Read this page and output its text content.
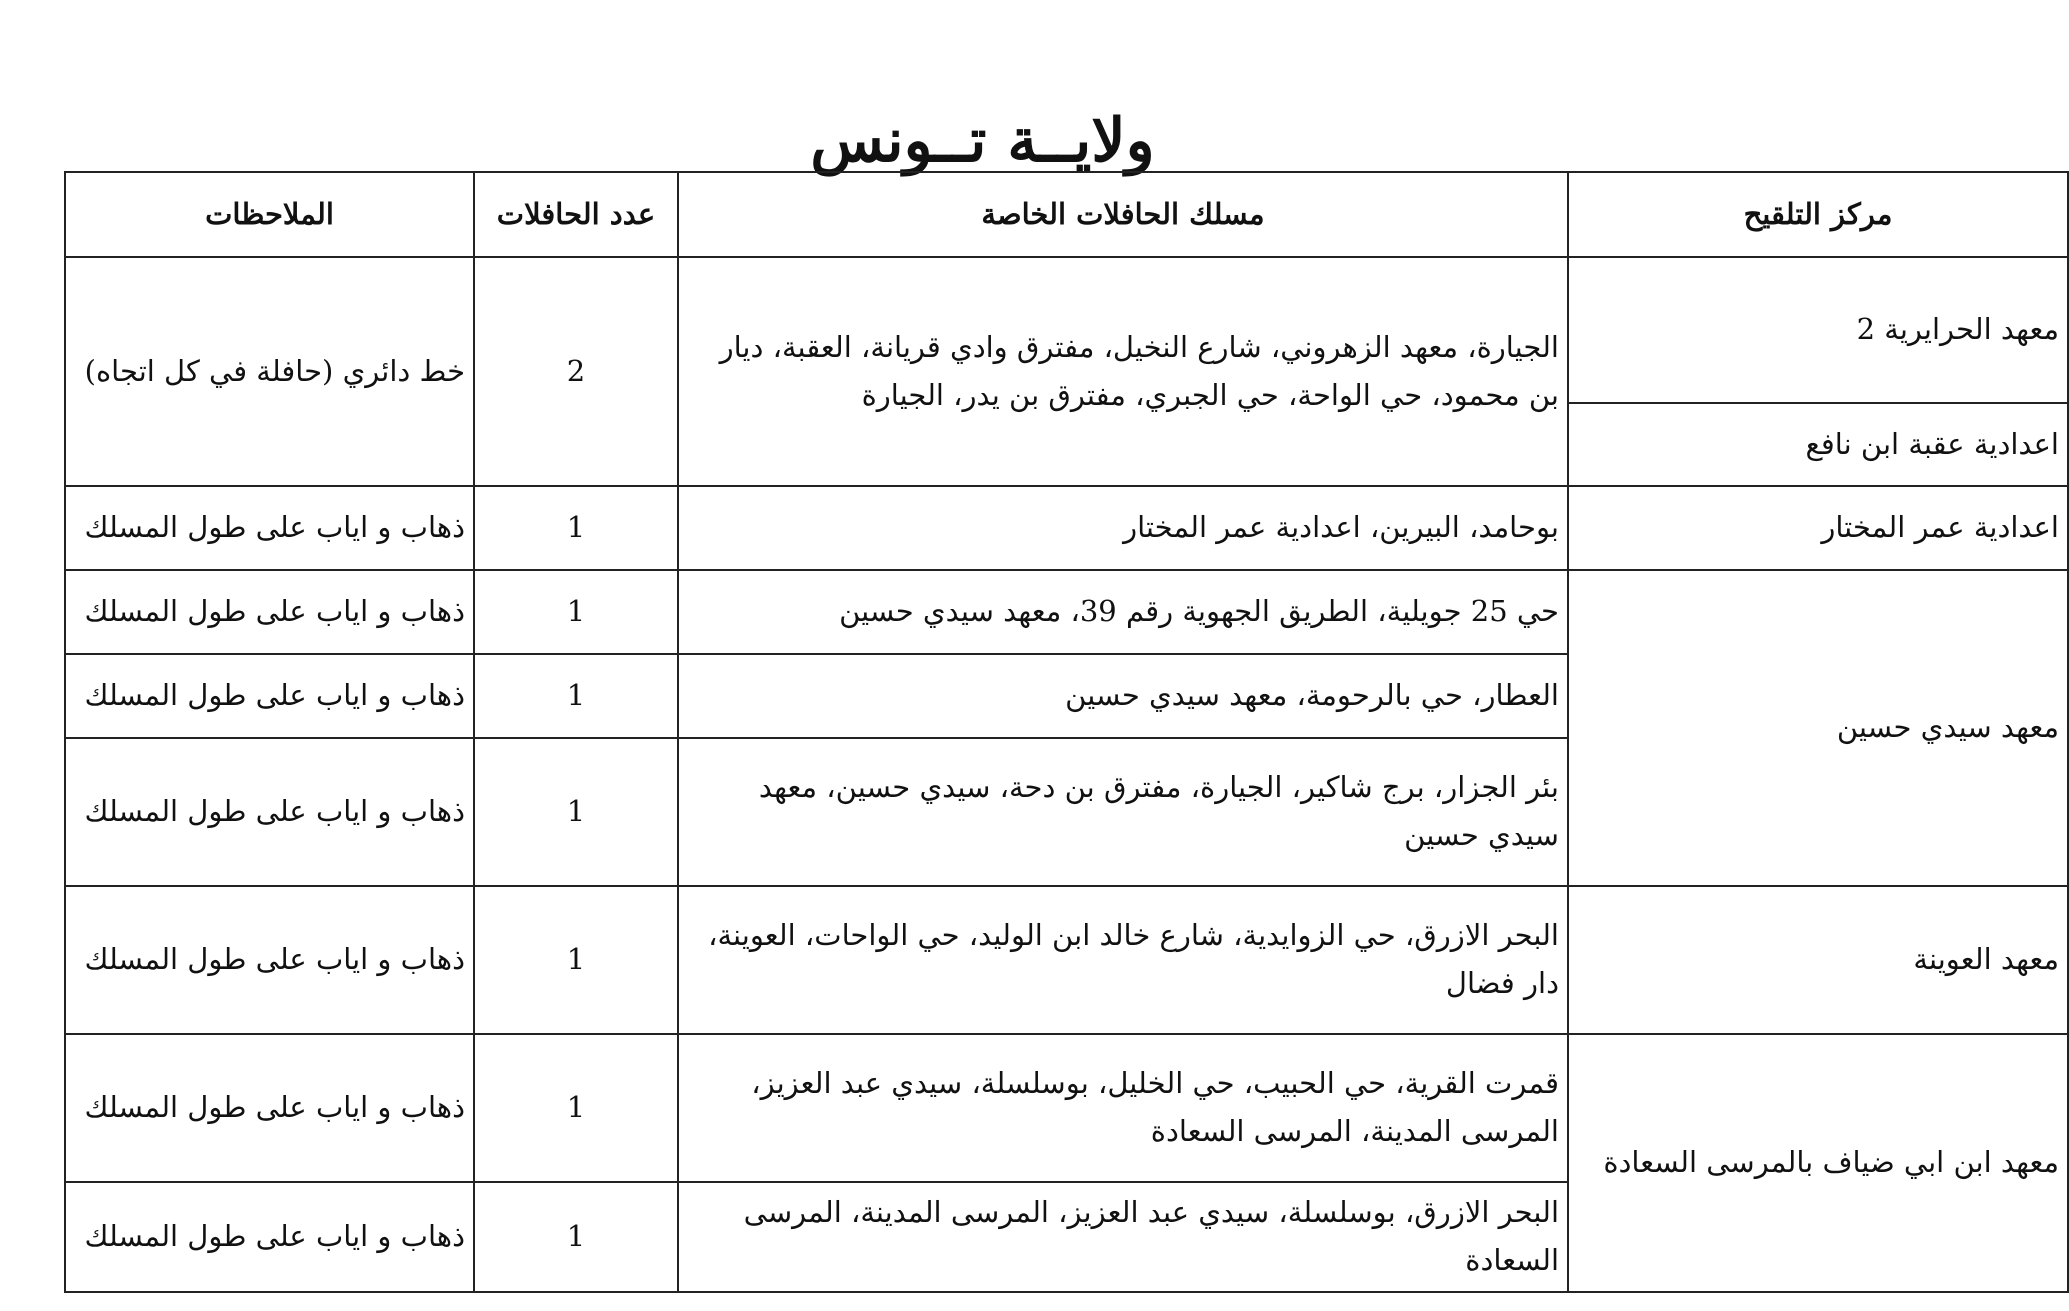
ولايــة تــونس
مركز التلقيح	مسلك الحافلات الخاصة	عدد الحافلات	الملاحظات
معهد الحرايرية 2	الجيارة، معهد الزهروني، شارع النخيل، مفترق وادي قريانة، العقبة، ديار بن محمود، حي الواحة، حي الجبري، مفترق بن يدر، الجيارة	2	خط دائري (حافلة في كل اتجاه)
اعدادية عقبة ابن نافع			
اعدادية عمر المختار	بوحامد، البيرين، اعدادية عمر المختار	1	ذهاب و اياب على طول المسلك
معهد سيدي حسين	حي 25 جويلية، الطريق الجهوية رقم 39، معهد سيدي حسين	1	ذهاب و اياب على طول المسلك
	العطار، حي بالرحومة، معهد سيدي حسين	1	ذهاب و اياب على طول المسلك
	بئر الجزار، برج شاكير، الجيارة، مفترق بن دحة، سيدي حسين، معهد سيدي حسين	1	ذهاب و اياب على طول المسلك
معهد العوينة	البحر الازرق، حي الزوايدية، شارع خالد ابن الوليد، حي الواحات، العوينة، دار فضال	1	ذهاب و اياب على طول المسلك
معهد ابن ابي ضياف بالمرسى السعادة	قمرت القرية، حي الحبيب، حي الخليل، بوسلسلة، سيدي عبد العزيز، المرسى المدينة، المرسى السعادة	1	ذهاب و اياب على طول المسلك
	البحر الازرق، بوسلسلة، سيدي عبد العزيز، المرسى المدينة، المرسى السعادة	1	ذهاب و اياب على طول المسلك
